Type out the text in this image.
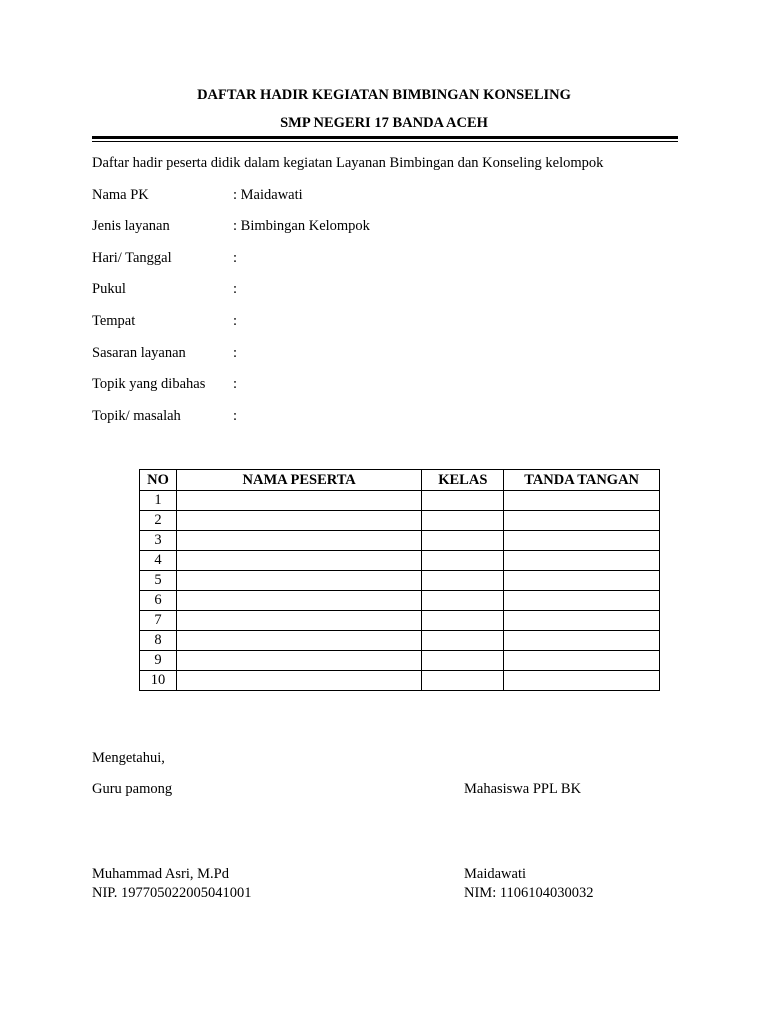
DAFTAR HADIR KEGIATAN BIMBINGAN KONSELING
SMP NEGERI 17 BANDA ACEH
Daftar hadir peserta didik dalam kegiatan Layanan Bimbingan dan Konseling kelompok
Nama PK	: Maidawati
Jenis layanan	: Bimbingan Kelompok
Hari/ Tanggal	:
Pukul	:
Tempat	:
Sasaran layanan	:
Topik yang dibahas :
Topik/ masalah	:
NO	NAMA PESERTA	KELAS	TANDA TANGAN
1			
2			
3			
4			
5			
6			
7			
8			
9			
10			
Mengetahui,
Guru pamong	Mahasiswa PPL BK
Muhammad Asri, M.Pd
NIP. 197705022005041001
Maidawati
NIM: 1106104030032
